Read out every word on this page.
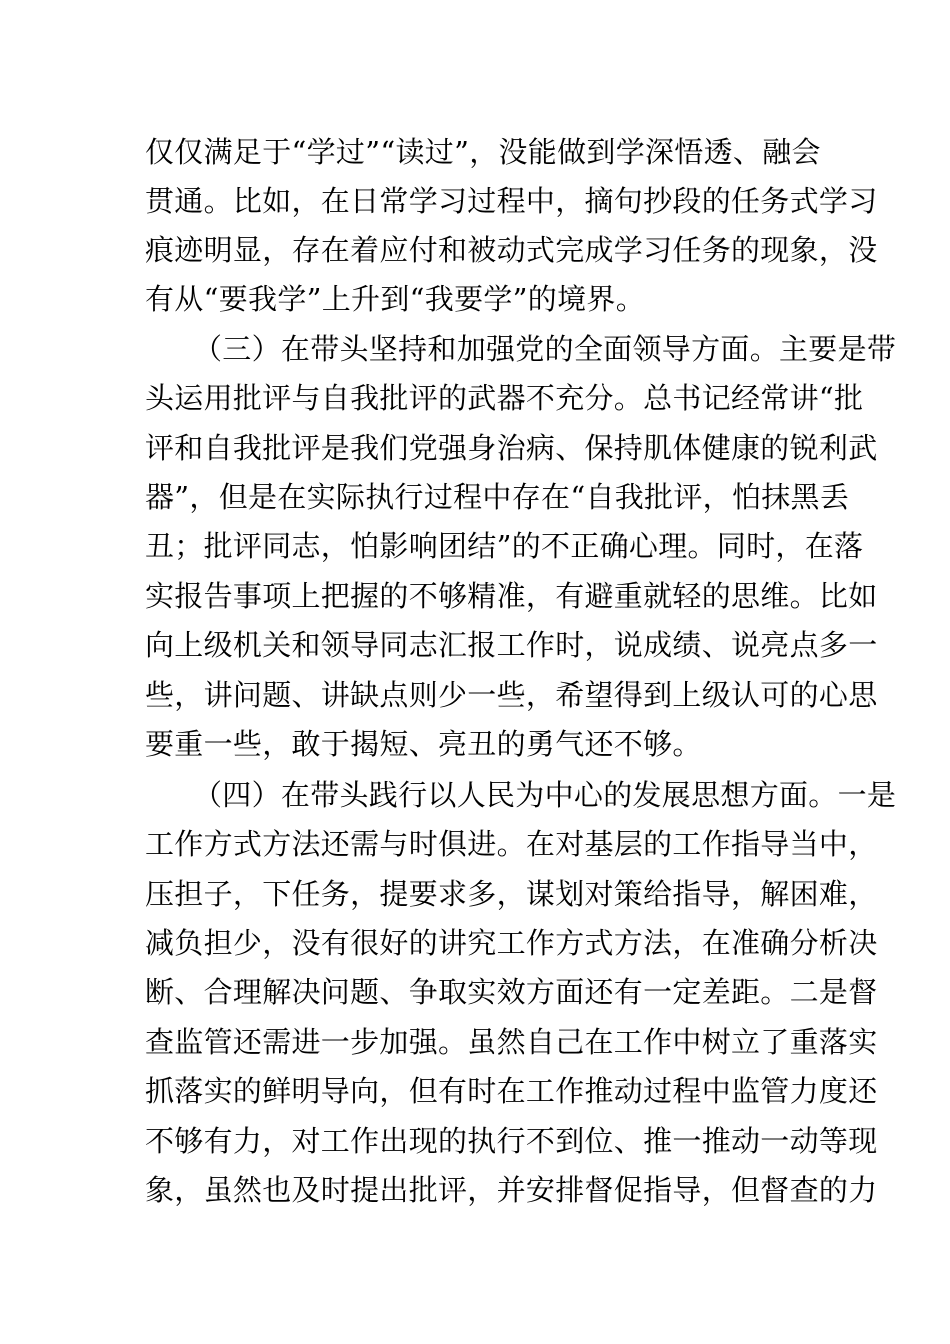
仅仅满足于“学过”“读过”，没能做到学深悟透、融会
贯通。比如，在日常学习过程中，摘句抄段的任务式学习
痕迹明显，存在着应付和被动式完成学习任务的现象，没
有从“要我学”上升到“我要学”的境界。
（三）在带头坚持和加强党的全面领导方面。主要是带
头运用批评与自我批评的武器不充分。总书记经常讲“批
评和自我批评是我们党强身治病、保持肌体健康的锐利武
器”，但是在实际执行过程中存在“自我批评，怕抹黑丢
丑；批评同志，怕影响团结”的不正确心理。同时，在落
实报告事项上把握的不够精准，有避重就轻的思维。比如
向上级机关和领导同志汇报工作时，说成绩、说亮点多一
些，讲问题、讲缺点则少一些，希望得到上级认可的心思
要重一些，敢于揭短、亮丑的勇气还不够。
（四）在带头践行以人民为中心的发展思想方面。一是
工作方式方法还需与时俱进。在对基层的工作指导当中，
压担子，下任务，提要求多，谋划对策给指导，解困难，
减负担少，没有很好的讲究工作方式方法，在准确分析决
断、合理解决问题、争取实效方面还有一定差距。二是督
查监管还需进一步加强。虽然自己在工作中树立了重落实
抓落实的鲜明导向，但有时在工作推动过程中监管力度还
不够有力，对工作出现的执行不到位、推一推动一动等现
象，虽然也及时提出批评，并安排督促指导，但督查的力
